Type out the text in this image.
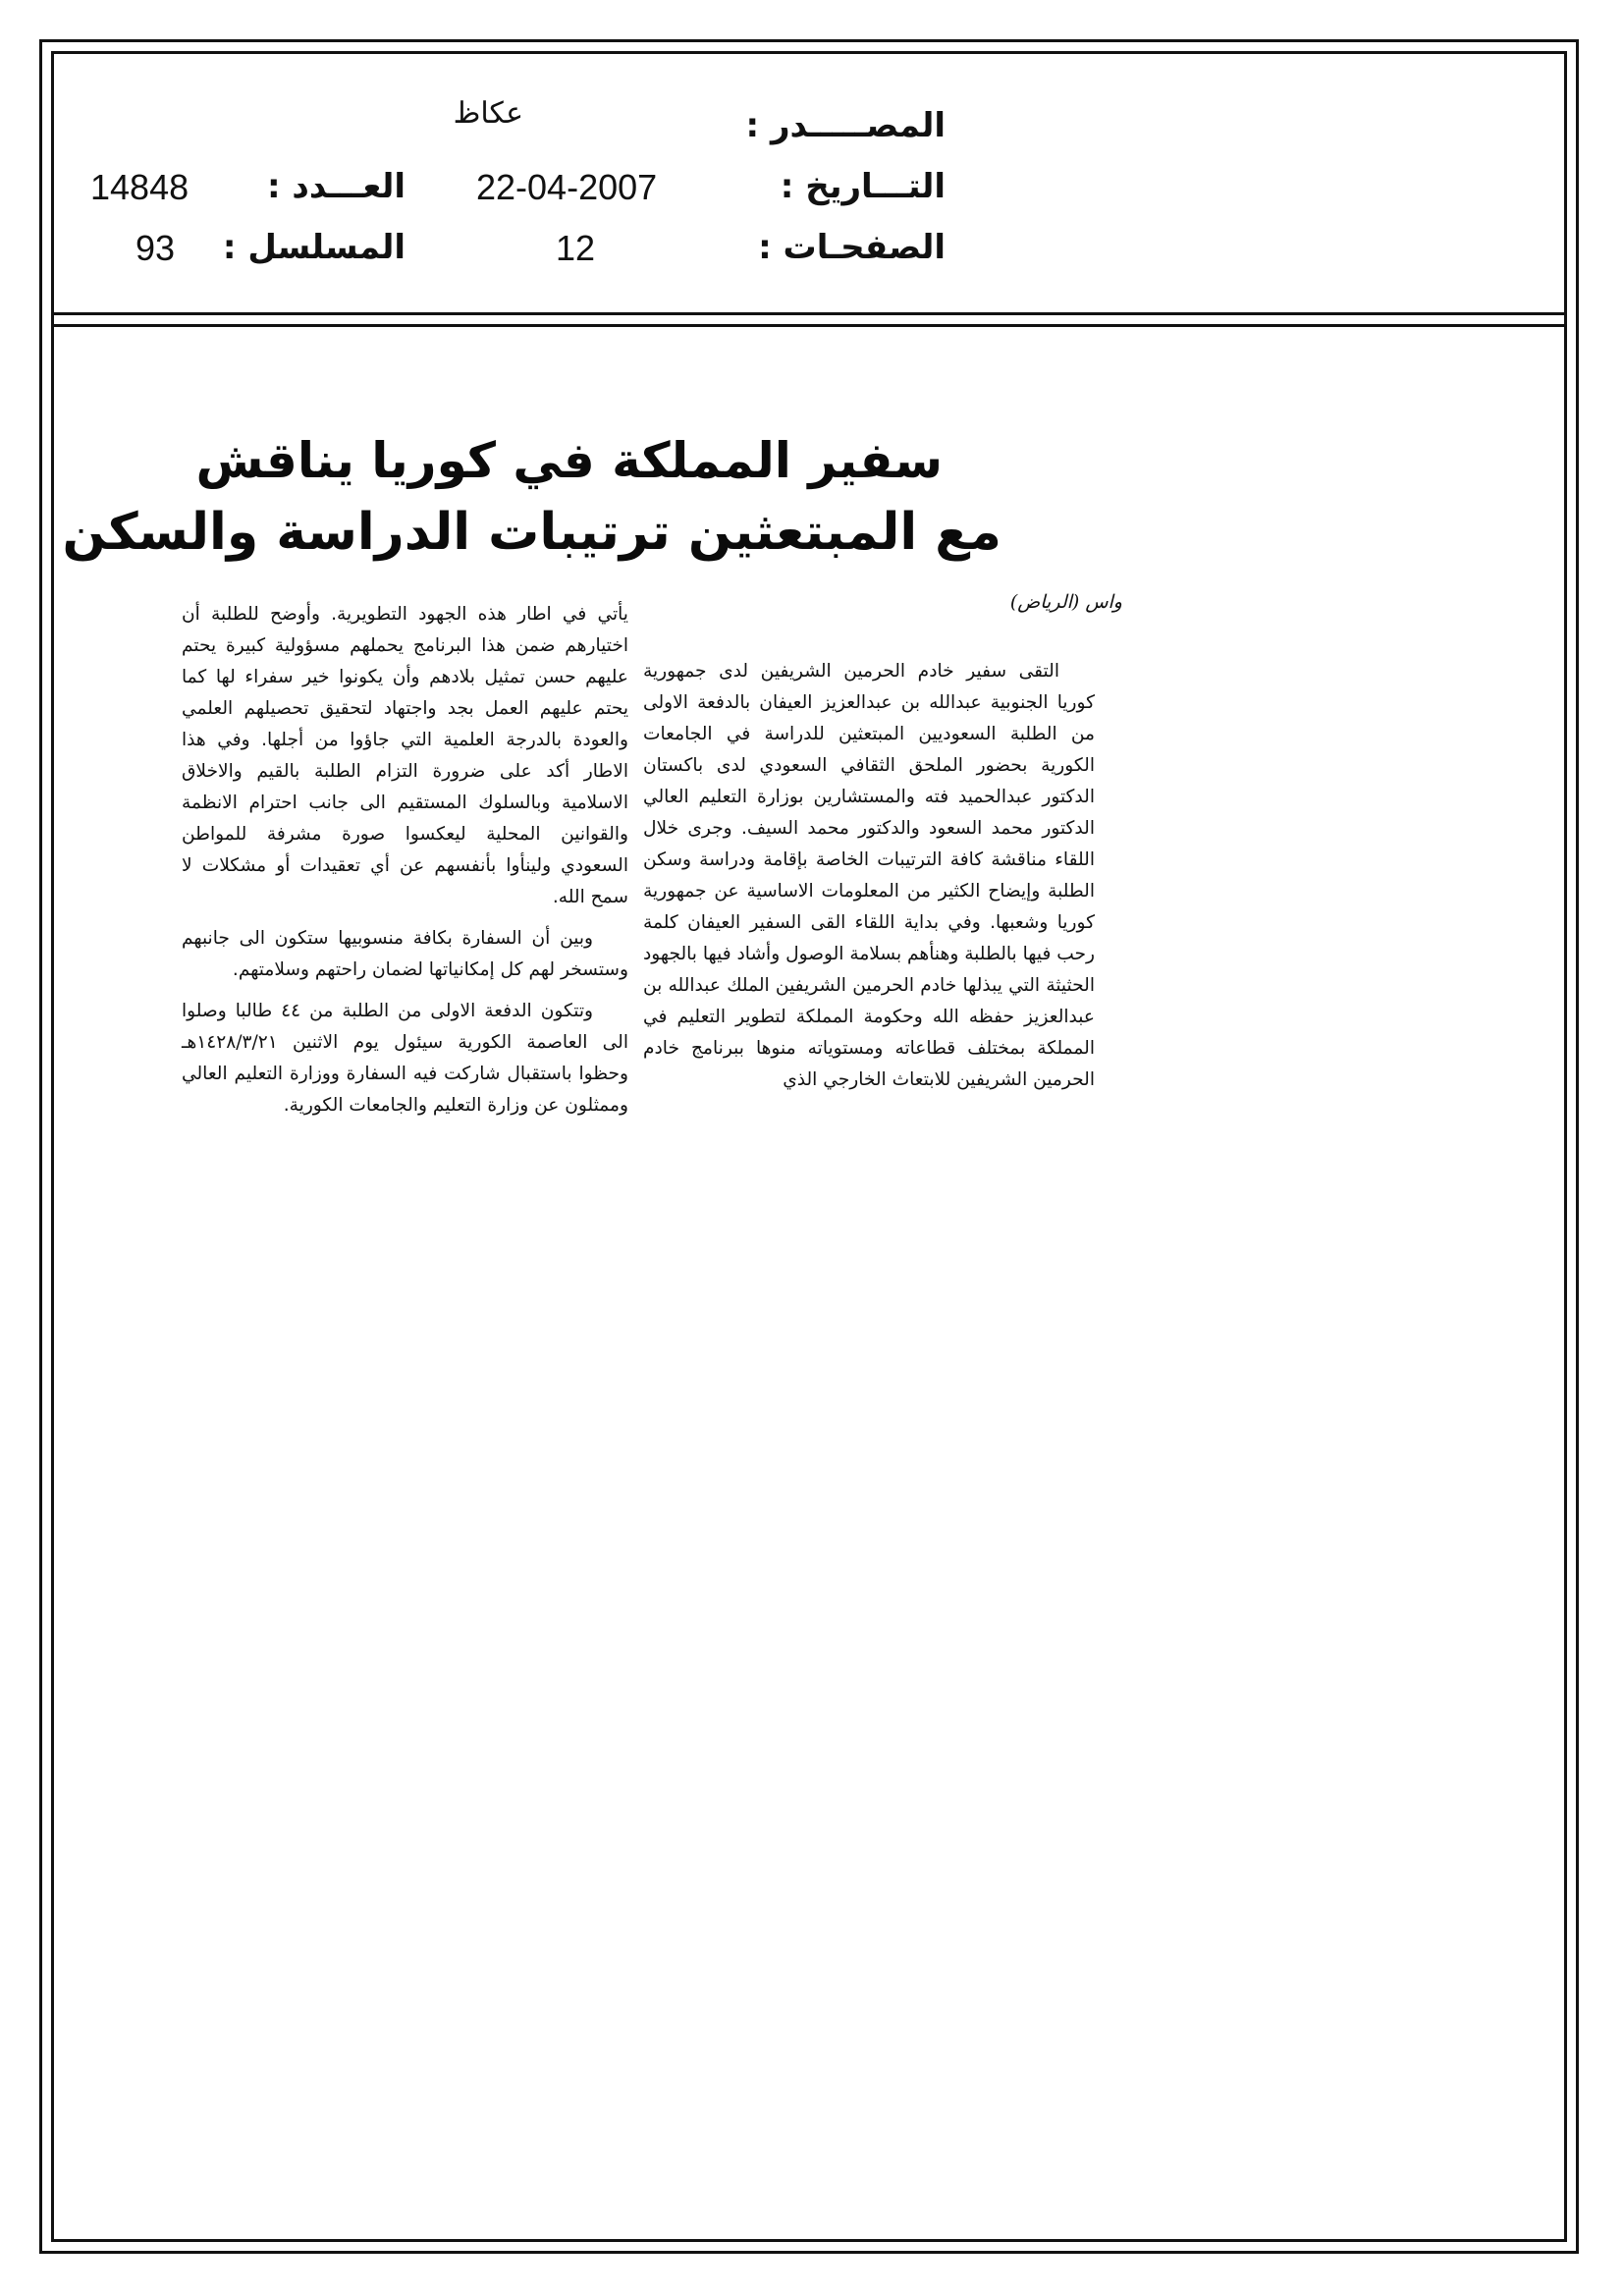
المصـــــدر :
التـــاريخ :
الصفحـات :
العـــدد :
المسلسل :
عكاظ
22-04-2007
12
14848
93
سفير المملكة في كوريا يناقش
مع المبتعثين ترتيبات الدراسة والسكن
واس (الرياض)

التقى سفير خادم الحرمين الشريفين لدى جمهورية كوريا الجنوبية عبدالله بن عبدالعزيز العيفان بالدفعة الاولى من الطلبة السعوديين المبتعثين للدراسة في الجامعات الكورية بحضور الملحق الثقافي السعودي لدى باكستان الدكتور عبدالحميد فته والمستشارين بوزارة التعليم العالي الدكتور محمد السعود والدكتور محمد السيف. وجرى خلال اللقاء مناقشة كافة الترتيبات الخاصة بإقامة ودراسة وسكن الطلبة وإيضاح الكثير من المعلومات الاساسية عن جمهورية كوريا وشعبها. وفي بداية اللقاء القى السفير العيفان كلمة رحب فيها بالطلبة وهنأهم بسلامة الوصول وأشاد فيها بالجهود الحثيثة التي يبذلها خادم الحرمين الشريفين الملك عبدالله بن عبدالعزيز حفظه الله وحكومة المملكة لتطوير التعليم في المملكة بمختلف قطاعاته ومستوياته منوها ببرنامج خادم الحرمين الشريفين للابتعاث الخارجي الذي

يأتي في اطار هذه الجهود التطويرية. وأوضح للطلبة أن اختيارهم ضمن هذا البرنامج يحملهم مسؤولية كبيرة يحتم عليهم حسن تمثيل بلادهم وأن يكونوا خير سفراء لها كما يحتم عليهم العمل بجد واجتهاد لتحقيق تحصيلهم العلمي والعودة بالدرجة العلمية التي جاؤوا من أجلها. وفي هذا الاطار أكد على ضرورة التزام الطلبة بالقيم والاخلاق الاسلامية وبالسلوك المستقيم الى جانب احترام الانظمة والقوانين المحلية ليعكسوا صورة مشرفة للمواطن السعودي ولينأوا بأنفسهم عن أي تعقيدات أو مشكلات لا سمح الله.

وبين أن السفارة بكافة منسوبيها ستكون الى جانبهم وستسخر لهم كل إمكانياتها لضمان راحتهم وسلامتهم.

وتتكون الدفعة الاولى من الطلبة من ٤٤ طالبا وصلوا الى العاصمة الكورية سيئول يوم الاثنين ١٤٢٨/٣/٢١هـ وحظوا باستقبال شاركت فيه السفارة ووزارة التعليم العالي وممثلون عن وزارة التعليم والجامعات الكورية.
